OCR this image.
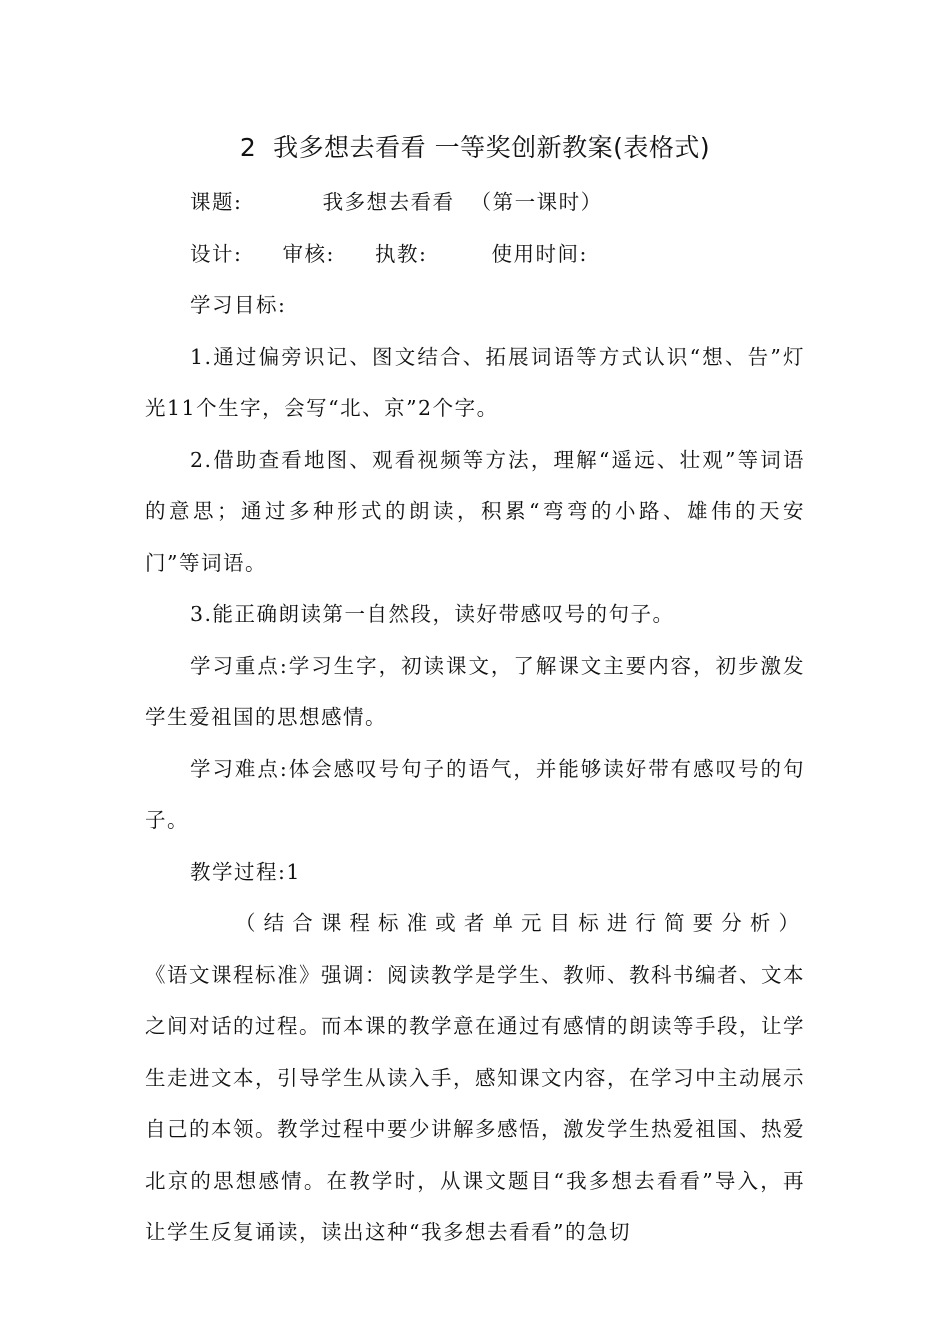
2  我多想去看看 一等奖创新教案(表格式)

课题:          我多想去看看  （第一课时）

设计:     审核:     执教:        使用时间:

学习目标:

1.通过偏旁识记、图文结合、拓展词语等方式认识“想、告”灯光11个生字，会写“北、京”2个字。

2.借助查看地图、观看视频等方法，理解“遥远、壮观”等词语的意思；通过多种形式的朗读，积累“弯弯的小路、雄伟的天安门”等词语。

3.能正确朗读第一自然段，读好带感叹号的句子。

学习重点:学习生字，初读课文，了解课文主要内容，初步激发学生爱祖国的思想感情。

学习难点:体会感叹号句子的语气，并能够读好带有感叹号的句子。

教学过程:1

（结合课程标准或者单元目标进行简要分析）
《语文课程标准》强调：阅读教学是学生、教师、教科书编者、文本之间对话的过程。而本课的教学意在通过有感情的朗读等手段，让学生走进文本，引导学生从读入手，感知课文内容，在学习中主动展示自己的本领。教学过程中要少讲解多感悟，激发学生热爱祖国、热爱北京的思想感情。在教学时，从课文题目“我多想去看看”导入，再让学生反复诵读，读出这种“我多想去看看”的急切
